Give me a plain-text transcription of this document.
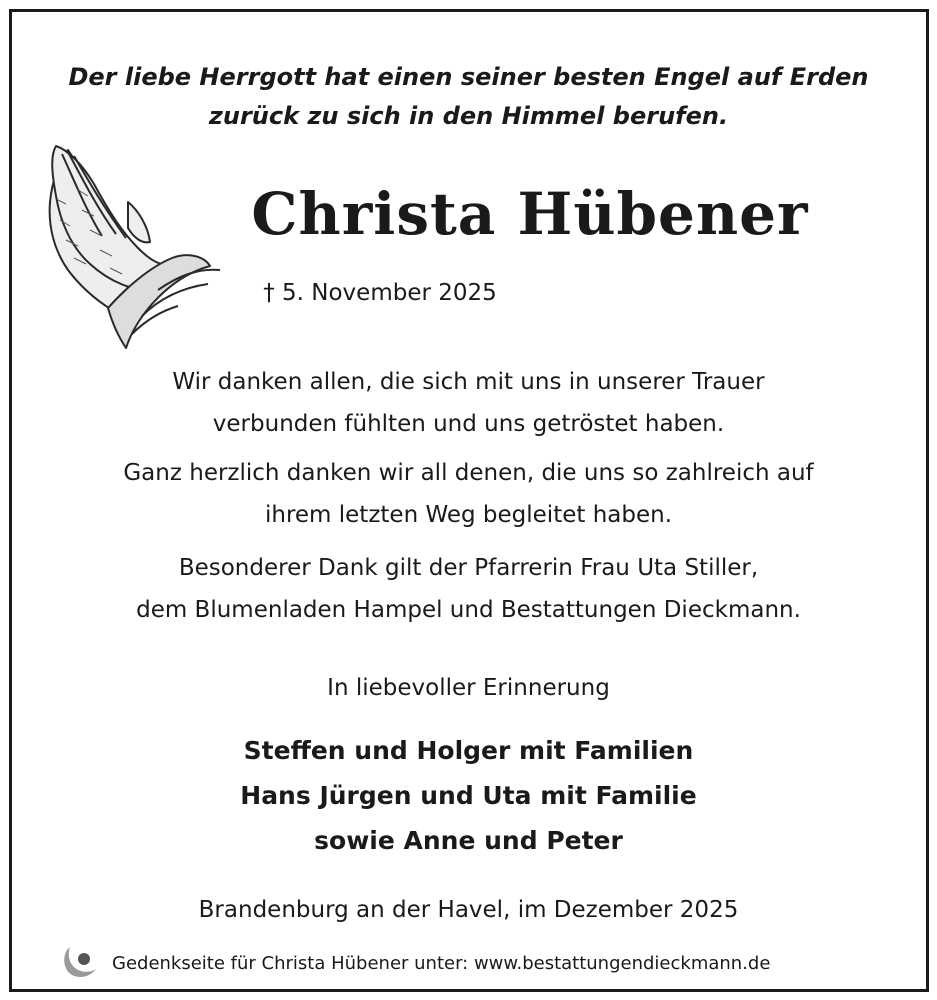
Der liebe Herrgott hat einen seiner besten Engel auf Erden
zurück zu sich in den Himmel berufen.
Christa Hübener
† 5. November 2025
Wir danken allen, die sich mit uns in unserer Trauer
verbunden fühlten und uns getröstet haben.
Ganz herzlich danken wir all denen, die uns so zahlreich auf
ihrem letzten Weg begleitet haben.
Besonderer Dank gilt der Pfarrerin Frau Uta Stiller,
dem Blumenladen Hampel und Bestattungen Dieckmann.
In liebevoller Erinnerung
Steffen und Holger mit Familien
Hans Jürgen und Uta mit Familie
sowie Anne und Peter
Brandenburg an der Havel, im Dezember 2025
Gedenkseite für Christa Hübener unter: www.bestattungendieckmann.de
